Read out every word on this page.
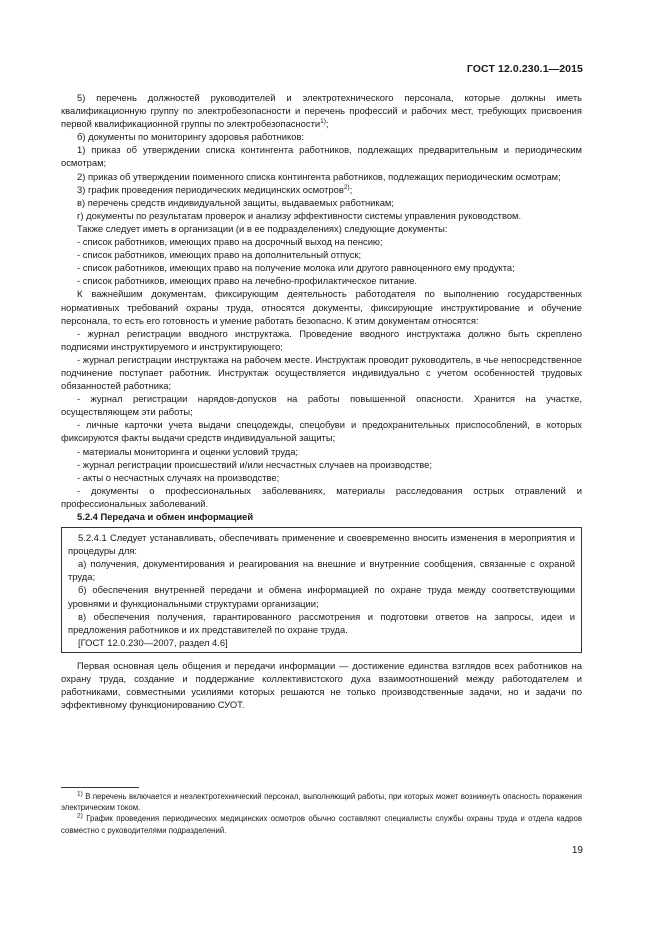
ГОСТ 12.0.230.1—2015

5) перечень должностей руководителей и электротехнического персонала, которые должны иметь квалификационную группу по электробезопасности и перечень профессий и рабочих мест, требующих присвоения первой квалификационной группы по электробезопасности$^{1)}$;

б) документы по мониторингу здоровья работников:

1) приказ об утверждении списка контингента работников, подлежащих предварительным и периодическим осмотрам;

2) приказ об утверждении поименного списка контингента работников, подлежащих периодическим осмотрам;

3) график проведения периодических медицинских осмотров$^{2)}$;

в) перечень средств индивидуальной защиты, выдаваемых работникам;

г) документы по результатам проверок и анализу эффективности системы управления руководством.

Также следует иметь в организации (и в ее подразделениях) следующие документы:

- список работников, имеющих право на досрочный выход на пенсию;

- список работников, имеющих право на дополнительный отпуск;

- список работников, имеющих право на получение молока или другого равноценного ему продукта;

- список работников, имеющих право на лечебно-профилактическое питание.

К важнейшим документам, фиксирующим деятельность работодателя по выполнению государственных нормативных требований охраны труда, относятся документы, фиксирующие инструктирование и обучение персонала, то есть его готовность и умение работать безопасно. К этим документам относятся:

- журнал регистрации вводного инструктажа. Проведение вводного инструктажа должно быть скреплено подписями инструктируемого и инструктирующего;

- журнал регистрации инструктажа на рабочем месте. Инструктаж проводит руководитель, в чье непосредственное подчинение поступает работник. Инструктаж осуществляется индивидуально с учетом особенностей трудовых обязанностей работника;

- журнал регистрации нарядов-допусков на работы повышенной опасности. Хранится на участке, осуществляющем эти работы;

- личные карточки учета выдачи спецодежды, спецобуви и предохранительных приспособлений, в которых фиксируются факты выдачи средств индивидуальной защиты;

- материалы мониторинга и оценки условий труда;

- журнал регистрации происшествий и/или несчастных случаев на производстве;

- акты о несчастных случаях на производстве;

- документы о профессиональных заболеваниях, материалы расследования острых отравлений и профессиональных заболеваний.

5.2.4 Передача и обмен информацией

5.2.4.1 Следует устанавливать, обеспечивать применение и своевременно вносить изменения в мероприятия и процедуры для:

а) получения, документирования и реагирования на внешние и внутренние сообщения, связанные с охраной труда;

б) обеспечения внутренней передачи и обмена информацией по охране труда между соответствующими уровнями и функциональными структурами организации;

в) обеспечения получения, гарантированного рассмотрения и подготовки ответов на запросы, идеи и предложения работников и их представителей по охране труда.

[ГОСТ 12.0.230—2007, раздел 4.6]

Первая основная цель общения и передачи информации — достижение единства взглядов всех работников на охрану труда, создание и поддержание коллективистского духа взаимоотношений между работодателем и работниками, совместными усилиями которых решаются не только производственные задачи, но и задачи по эффективному функционированию СУОТ.

$^{1)}$ В перечень включается и неэлектротехнический персонал, выполняющий работы, при которых может возникнуть опасность поражения электрическим током.

$^{2)}$ График проведения периодических медицинских осмотров обычно составляют специалисты службы охраны труда и отдела кадров совместно с руководителями подразделений.

19
